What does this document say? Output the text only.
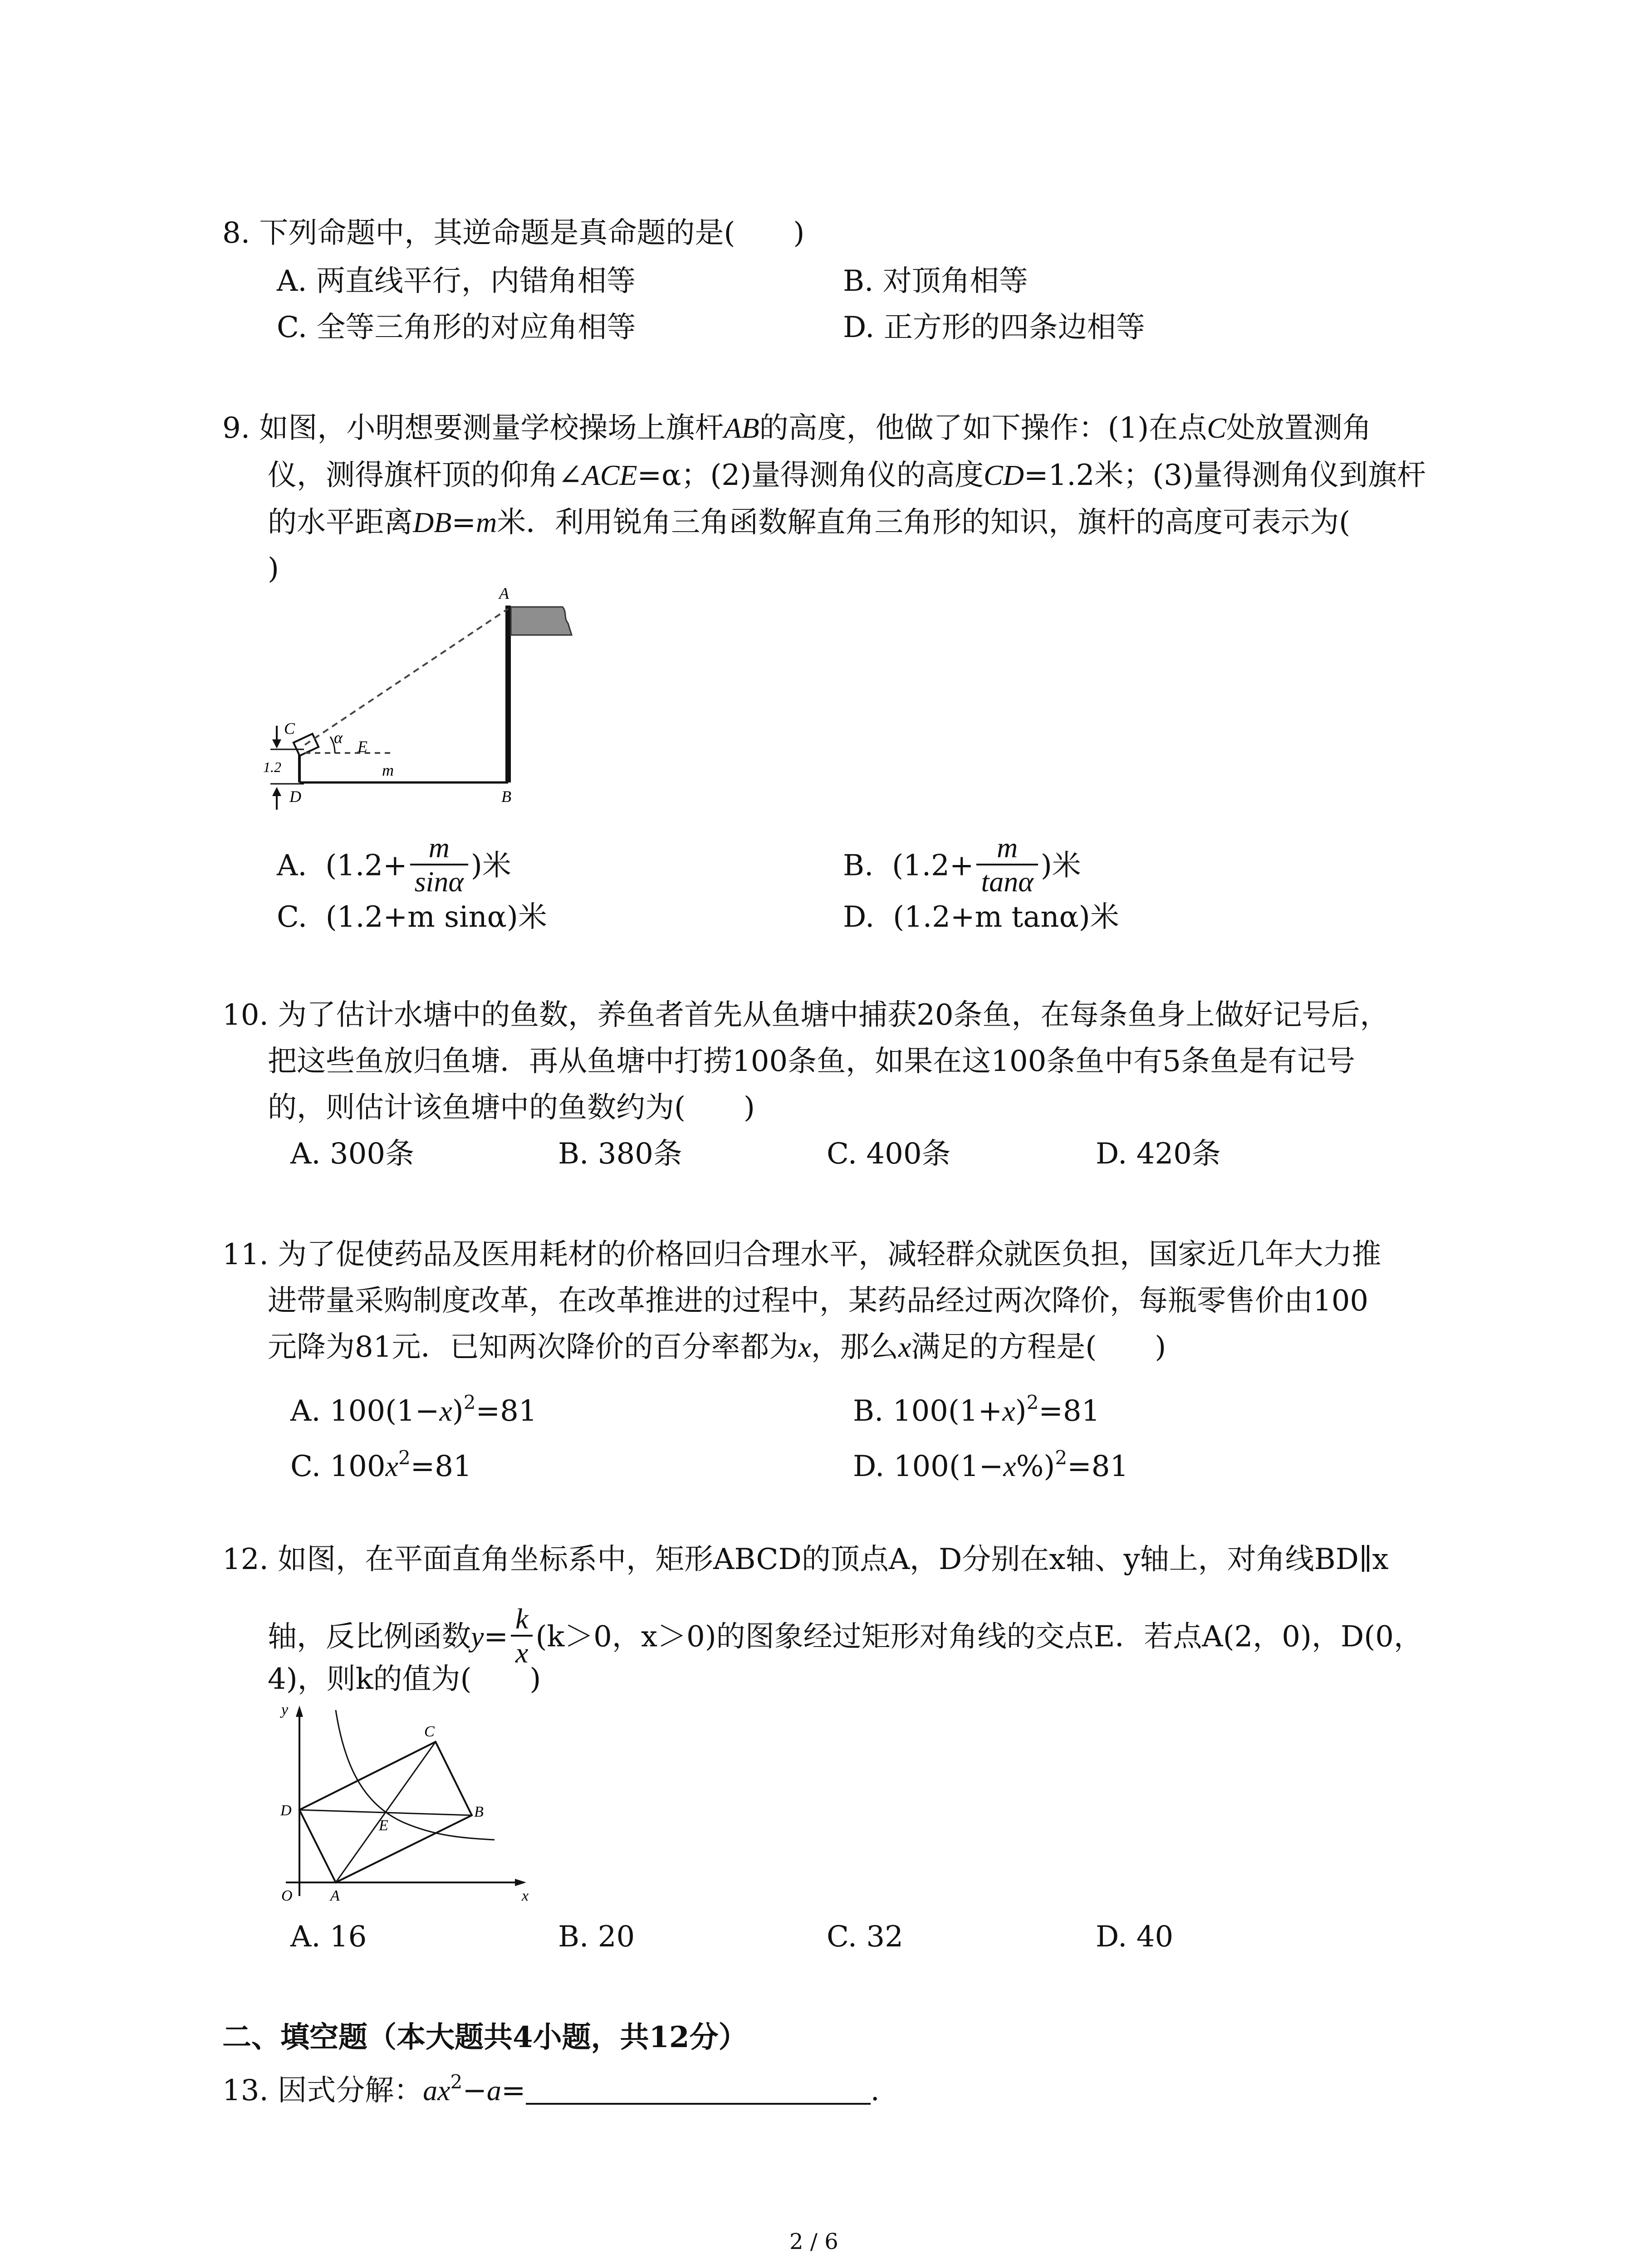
8. 下列命题中，其逆命题是真命题的是(　　)
A. 两直线平行，内错角相等	B. 对顶角相等
C. 全等三角形的对应角相等	D. 正方形的四条边相等
9. 如图，小明想要测量学校操场上旗杆AB的高度，他做了如下操作：(1)在点C处放置测角
仪，测得旗杆顶的仰角∠ACE=α；(2)量得测角仪的高度CD=1.2米；(3)量得测角仪到旗杆
的水平距离DB=m米．利用锐角三角函数解直角三角形的知识，旗杆的高度可表示为(
)
A
B
C
D
E
α
m
1.2
A. ($1.2+ \frac{m}{\sin\alpha}$ )米	B. ($1.2+ \frac{m}{\tan\alpha}$ )米
C. (1.2+m sinα)米	D. (1.2+m tanα)米
10. 为了估计水塘中的鱼数，养鱼者首先从鱼塘中捕获20条鱼，在每条鱼身上做好记号后，
把这些鱼放归鱼塘．再从鱼塘中打捞100条鱼，如果在这100条鱼中有5条鱼是有记号
的，则估计该鱼塘中的鱼数约为(　　)
A. 300条	B. 380条	C. 400条	D. 420条
11. 为了促使药品及医用耗材的价格回归合理水平，减轻群众就医负担，国家近几年大力推
进带量采购制度改革，在改革推进的过程中，某药品经过两次降价，每瓶零售价由100
元降为81元．已知两次降价的百分率都为x，那么x满足的方程是(　　)
A. $100(1-x)^2=81$	B. $100(1+x)^2=81$
C. $100x^2=81$	D. $100(1-x\%)^2=81$
12. 如图，在平面直角坐标系中，矩形ABCD的顶点A，D分别在x轴、y轴上，对角线BD∥x
轴，反比例函数$y= \frac{k}{x} (k>0$，x＞0)的图象经过矩形对角线的交点E．若点A(2，0)，D(0，
4)，则k的值为(　　)
y
x
O A
B
C
D
E
A. 16	B. 20	C. 32	D. 40
二、填空题（本大题共4小题，共12分）
13. 因式分解：$ax^2-a=$	.
2 / 6
